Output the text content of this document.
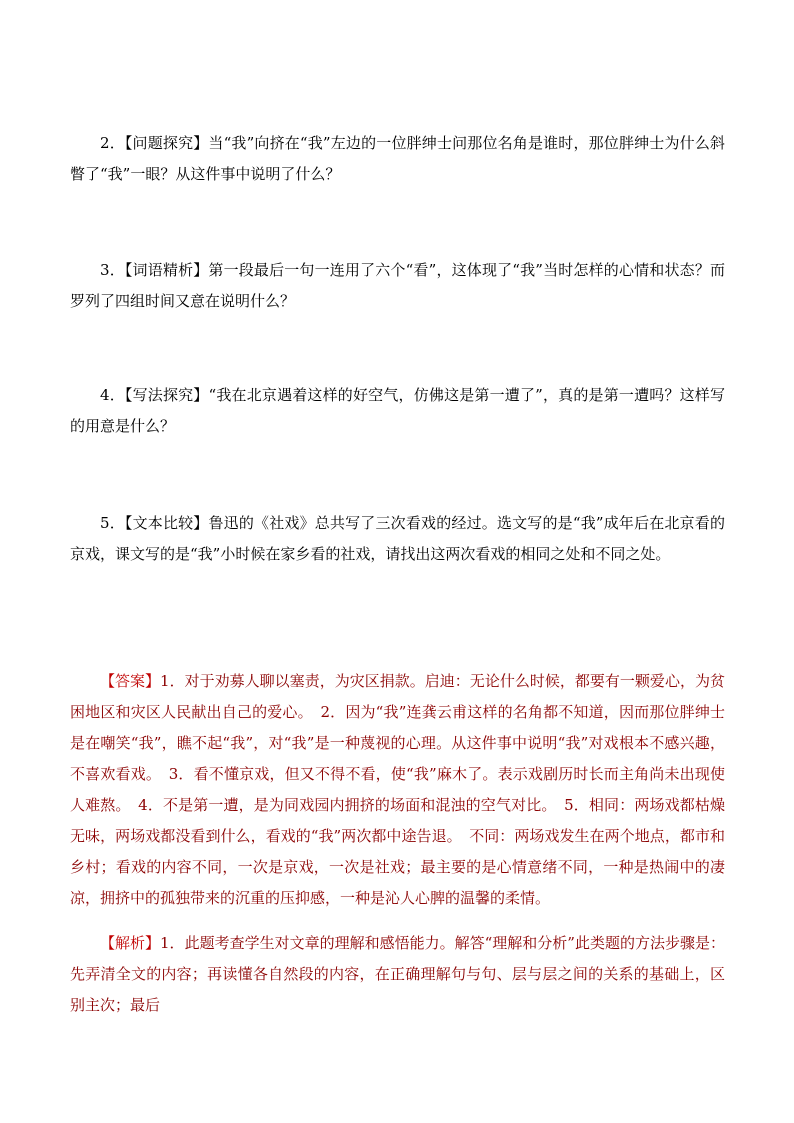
2．【问题探究】当“我”向挤在“我”左边的一位胖绅士问那位名角是谁时，那位胖绅士为什么斜瞥了“我”一眼？从这件事中说明了什么？

3．【词语精析】第一段最后一句一连用了六个“看”，这体现了“我”当时怎样的心情和状态？而罗列了四组时间又意在说明什么？

4．【写法探究】“我在北京遇着这样的好空气，仿佛这是第一遭了”，真的是第一遭吗？这样写的用意是什么？

5．【文本比较】鲁迅的《社戏》总共写了三次看戏的经过。选文写的是“我”成年后在北京看的京戏，课文写的是“我”小时候在家乡看的社戏，请找出这两次看戏的相同之处和不同之处。

【答案】1．对于劝募人聊以塞责，为灾区捐款。启迪：无论什么时候，都要有一颗爱心，为贫困地区和灾区人民献出自己的爱心。　2．因为“我”连龚云甫这样的名角都不知道，因而那位胖绅士是在嘲笑“我”，瞧不起“我”，对“我”是一种蔑视的心理。从这件事中说明“我”对戏根本不感兴趣，不喜欢看戏。　3．看不懂京戏，但又不得不看，使“我”麻木了。表示戏剧历时长而主角尚未出现使人难熬。　4．不是第一遭，是为同戏园内拥挤的场面和混浊的空气对比。　5．相同：两场戏都枯燥无味，两场戏都没看到什么，看戏的“我”两次都中途告退。　不同：两场戏发生在两个地点，都市和乡村；看戏的内容不同，一次是京戏，一次是社戏；最主要的是心情意绪不同，一种是热闹中的凄凉，拥挤中的孤独带来的沉重的压抑感，一种是沁人心脾的温馨的柔情。

【解析】1．此题考查学生对文章的理解和感悟能力。解答“理解和分析”此类题的方法步骤是：先弄清全文的内容；再读懂各自然段的内容，在正确理解句与句、层与层之间的关系的基础上，区别主次；最后
